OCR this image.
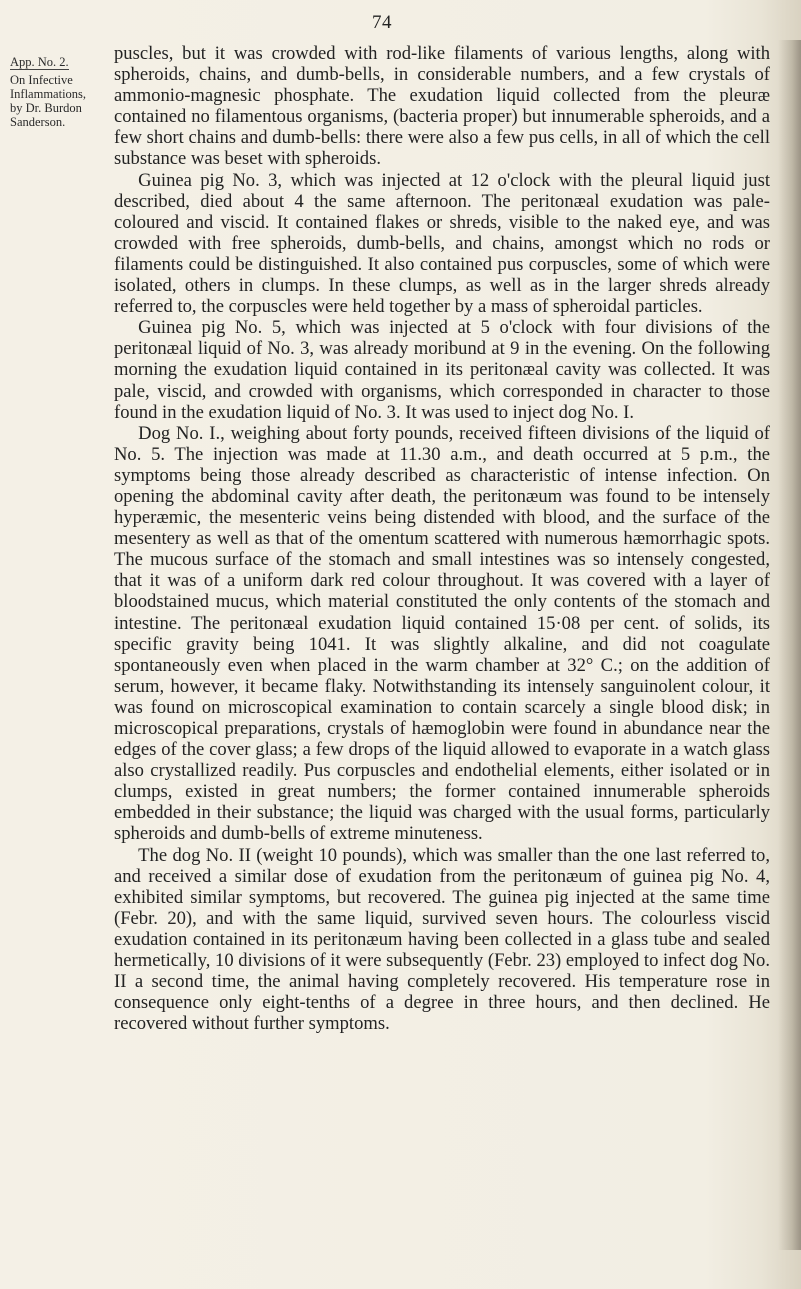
74
App. No. 2.
On Infective
Inflammations,
by Dr. Burdon
Sanderson.

puscles, but it was crowded with rod-like filaments of various lengths, along with spheroids, chains, and dumb-bells, in considerable numbers, and a few crystals of ammonio-magnesic phosphate. The exudation liquid collected from the pleuræ contained no filamentous organisms, (bacteria proper) but innumerable spheroids, and a few short chains and dumb-bells: there were also a few pus cells, in all of which the cell substance was beset with spheroids.

Guinea pig No. 3, which was injected at 12 o'clock with the pleural liquid just described, died about 4 the same afternoon. The peritonæal exudation was pale-coloured and viscid. It contained flakes or shreds, visible to the naked eye, and was crowded with free spheroids, dumb-bells, and chains, amongst which no rods or filaments could be distinguished. It also contained pus corpuscles, some of which were isolated, others in clumps. In these clumps, as well as in the larger shreds already referred to, the corpuscles were held together by a mass of spheroidal particles.

Guinea pig No. 5, which was injected at 5 o'clock with four divisions of the peritonæal liquid of No. 3, was already moribund at 9 in the evening. On the following morning the exudation liquid contained in its peritonæal cavity was collected. It was pale, viscid, and crowded with organisms, which corresponded in character to those found in the exudation liquid of No. 3. It was used to inject dog No. I.

Dog No. I., weighing about forty pounds, received fifteen divisions of the liquid of No. 5. The injection was made at 11.30 a.m., and death occurred at 5 p.m., the symptoms being those already described as characteristic of intense infection. On opening the abdominal cavity after death, the peritonæum was found to be intensely hyperæmic, the mesenteric veins being distended with blood, and the surface of the mesentery as well as that of the omentum scattered with numerous hæmorrhagic spots. The mucous surface of the stomach and small intestines was so intensely congested, that it was of a uniform dark red colour throughout. It was covered with a layer of bloodstained mucus, which material constituted the only contents of the stomach and intestine. The peritonæal exudation liquid contained 15·08 per cent. of solids, its specific gravity being 1041. It was slightly alkaline, and did not coagulate spontaneously even when placed in the warm chamber at 32° C.; on the addition of serum, however, it became flaky. Notwithstanding its intensely sanguinolent colour, it was found on microscopical examination to contain scarcely a single blood disk; in microscopical preparations, crystals of hæmoglobin were found in abundance near the edges of the cover glass; a few drops of the liquid allowed to evaporate in a watch glass also crystallized readily. Pus corpuscles and endothelial elements, either isolated or in clumps, existed in great numbers; the former contained innumerable spheroids embedded in their substance; the liquid was charged with the usual forms, particularly spheroids and dumb-bells of extreme minuteness.

The dog No. II (weight 10 pounds), which was smaller than the one last referred to, and received a similar dose of exudation from the peritonæum of guinea pig No. 4, exhibited similar symptoms, but recovered. The guinea pig injected at the same time (Febr. 20), and with the same liquid, survived seven hours. The colourless viscid exudation contained in its peritonæum having been collected in a glass tube and sealed hermetically, 10 divisions of it were subsequently (Febr. 23) employed to infect dog No. II a second time, the animal having completely recovered. His temperature rose in consequence only eight-tenths of a degree in three hours, and then declined. He recovered without further symptoms.
